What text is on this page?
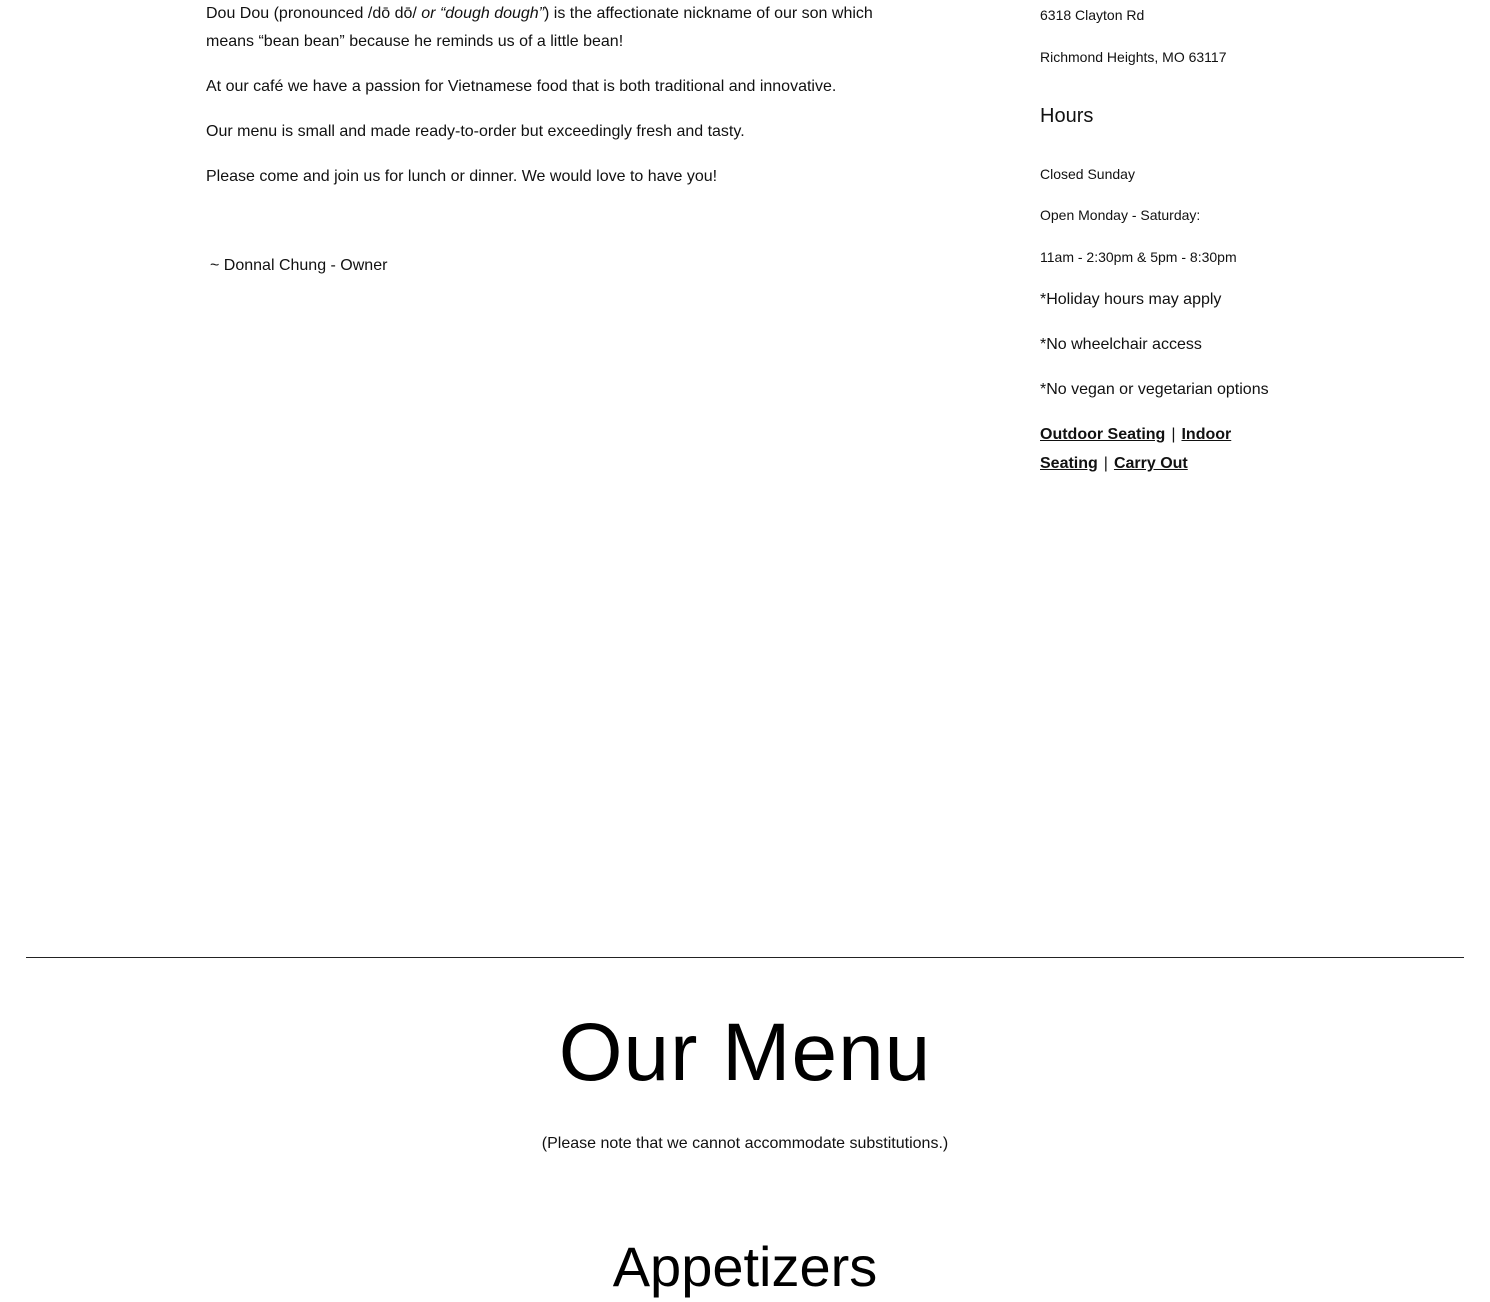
Dou Dou (pronounced /dō dō/ or “dough dough”) is the affectionate nickname of our son which means “bean bean” because he reminds us of a little bean!

At our café we have a passion for Vietnamese food that is both traditional and innovative.

Our menu is small and made ready-to-order but exceedingly fresh and tasty.

Please come and join us for lunch or dinner. We would love to have you!

~ Donnal Chung - Owner

6318 Clayton Rd

Richmond Heights, MO 63117

Hours

Closed Sunday

Open Monday - Saturday:

11am - 2:30pm & 5pm - 8:30pm

*Holiday hours may apply

*No wheelchair access

*No vegan or vegetarian options

Outdoor Seating | Indoor Seating | Carry Out
Our Menu

(Please note that we cannot accommodate substitutions.)

Appetizers
